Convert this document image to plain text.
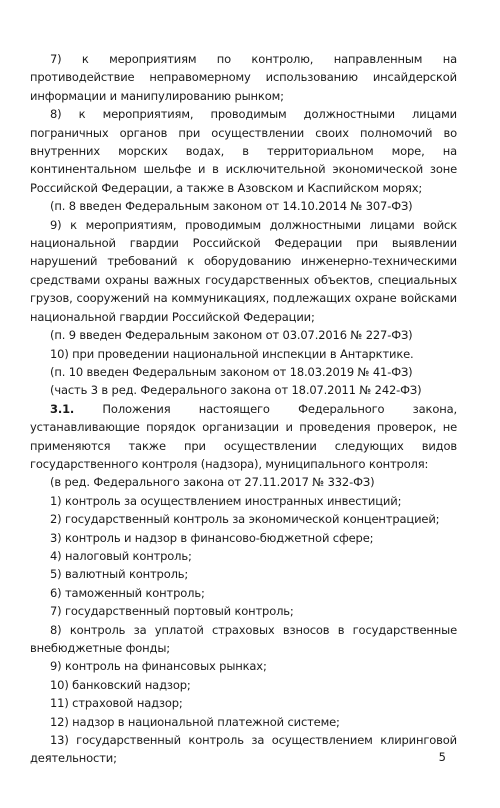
7) к мероприятиям по контролю, направленным на противодействие неправомерному использованию инсайдерской информации и манипулированию рынком;

8) к мероприятиям, проводимым должностными лицами пограничных органов при осуществлении своих полномочий во внутренних морских водах, в территориальном море, на континентальном шельфе и в исключительной экономической зоне Российской Федерации, а также в Азовском и Каспийском морях;

(п. 8 введен Федеральным законом от 14.10.2014 № 307-ФЗ)

9) к мероприятиям, проводимым должностными лицами войск национальной гвардии Российской Федерации при выявлении нарушений требований к оборудованию инженерно-техническими средствами охраны важных государственных объектов, специальных грузов, сооружений на коммуникациях, подлежащих охране войсками национальной гвардии Российской Федерации;

(п. 9 введен Федеральным законом от 03.07.2016 № 227-ФЗ)

10) при проведении национальной инспекции в Антарктике.

(п. 10 введен Федеральным законом от 18.03.2019 № 41-ФЗ)

(часть 3 в ред. Федерального закона от 18.07.2011 № 242-ФЗ)

3.1. Положения настоящего Федерального закона, устанавливающие порядок организации и проведения проверок, не применяются также при осуществлении следующих видов государственного контроля (надзора), муниципального контроля:

(в ред. Федерального закона от 27.11.2017 № 332-ФЗ)

1) контроль за осуществлением иностранных инвестиций;

2) государственный контроль за экономической концентрацией;

3) контроль и надзор в финансово-бюджетной сфере;

4) налоговый контроль;

5) валютный контроль;

6) таможенный контроль;

7) государственный портовый контроль;

8) контроль за уплатой страховых взносов в государственные внебюджетные фонды;

9) контроль на финансовых рынках;

10) банковский надзор;

11) страховой надзор;

12) надзор в национальной платежной системе;

13) государственный контроль за осуществлением клиринговой деятельности;	5
